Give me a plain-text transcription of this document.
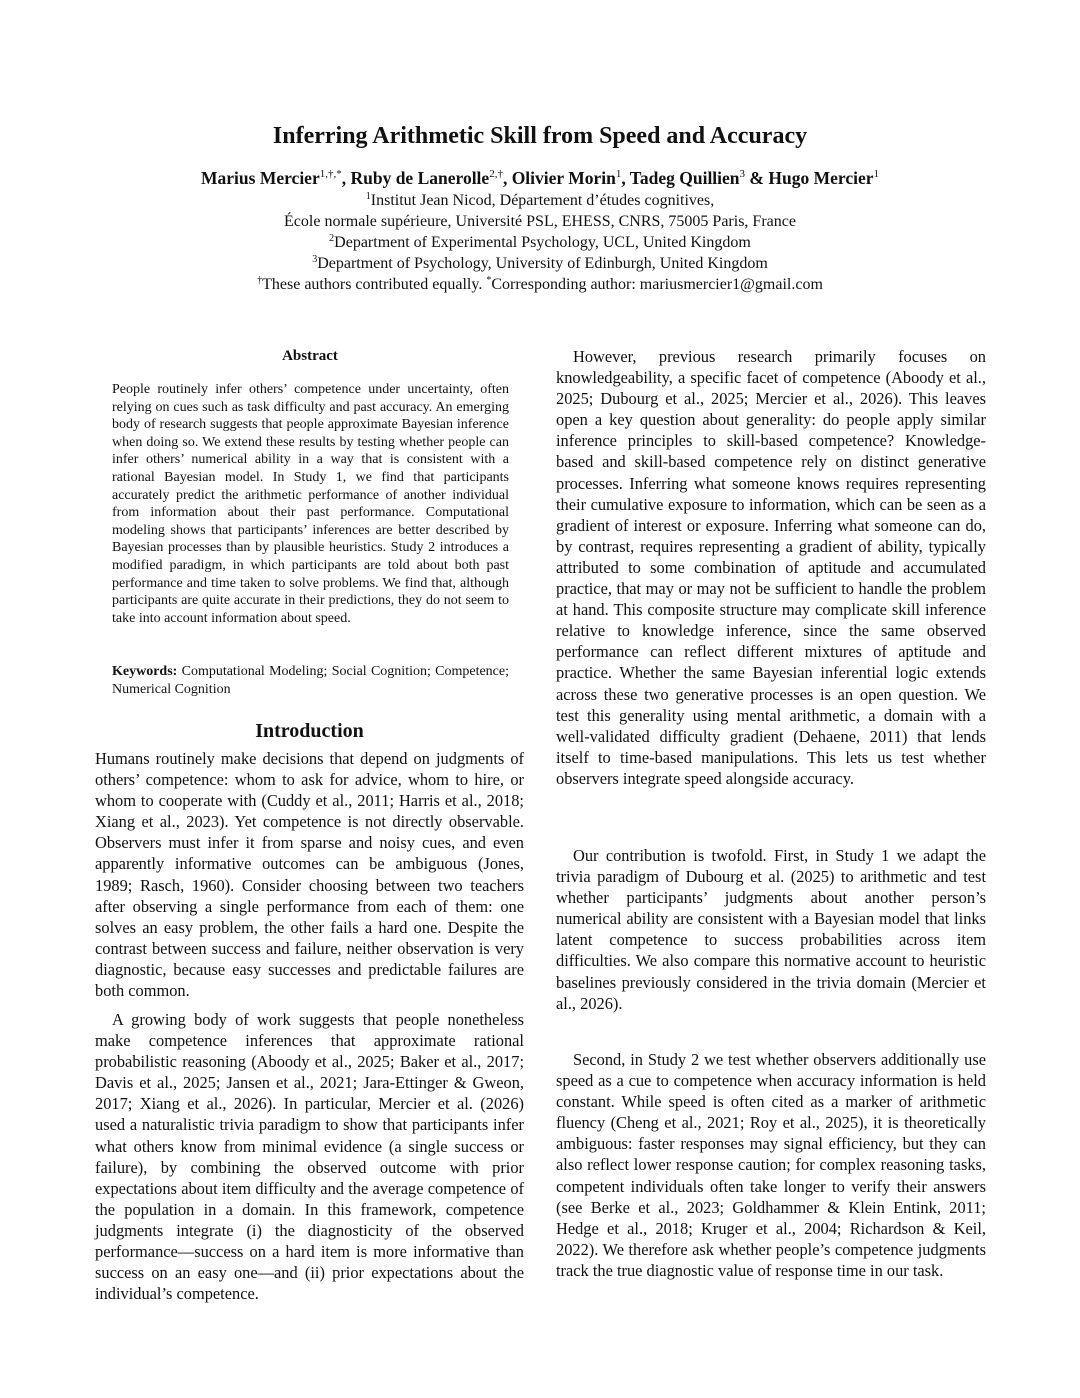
Inferring Arithmetic Skill from Speed and Accuracy
Marius Mercier$^{1,\dagger,*}$, Ruby de Lanerolle$^{2,\dagger}$, Olivier Morin$^1$, Tadeg Quillien$^3$ & Hugo Mercier$^1$
$^1$Institut Jean Nicod, Département d’études cognitives,
École normale supérieure, Université PSL, EHESS, CNRS, 75005 Paris, France
$^2$Department of Experimental Psychology, UCL, United Kingdom
$^3$Department of Psychology, University of Edinburgh, United Kingdom
†These authors contributed equally. *Corresponding author: mariusmercier1@gmail.com
Abstract
People routinely infer others’ competence under uncertainty, often relying on cues such as task difficulty and past accuracy. An emerging body of research suggests that people approximate Bayesian inference when doing so. We extend these results by testing whether people can infer others’ numerical ability in a way that is consistent with a rational Bayesian model. In Study 1, we find that participants accurately predict the arithmetic performance of another individual from information about their past performance. Computational modeling shows that participants’ inferences are better described by Bayesian processes than by plausible heuristics. Study 2 introduces a modified paradigm, in which participants are told about both past performance and time taken to solve problems. We find that, although participants are quite accurate in their predictions, they do not seem to take into account information about speed.
Keywords: Computational Modeling; Social Cognition; Competence; Numerical Cognition
Introduction
Humans routinely make decisions that depend on judgments of others’ competence: whom to ask for advice, whom to hire, or whom to cooperate with (Cuddy et al., 2011; Harris et al., 2018; Xiang et al., 2023). Yet competence is not directly observable. Observers must infer it from sparse and noisy cues, and even apparently informative outcomes can be ambiguous (Jones, 1989; Rasch, 1960). Consider choosing between two teachers after observing a single performance from each of them: one solves an easy problem, the other fails a hard one. Despite the contrast between success and failure, neither observation is very diagnostic, because easy successes and predictable failures are both common.
A growing body of work suggests that people nonetheless make competence inferences that approximate rational probabilistic reasoning (Aboody et al., 2025; Baker et al., 2017; Davis et al., 2025; Jansen et al., 2021; Jara-Ettinger & Gweon, 2017; Xiang et al., 2026). In particular, Mercier et al. (2026) used a naturalistic trivia paradigm to show that participants infer what others know from minimal evidence (a single success or failure), by combining the observed outcome with prior expectations about item difficulty and the average competence of the population in a domain. In this framework, competence judgments integrate (i) the diagnosticity of the observed performance—success on a hard item is more informative than success on an easy one—and (ii) prior expectations about the individual’s competence.
However, previous research primarily focuses on knowledgeability, a specific facet of competence (Aboody et al., 2025; Dubourg et al., 2025; Mercier et al., 2026). This leaves open a key question about generality: do people apply similar inference principles to skill-based competence? Knowledge-based and skill-based competence rely on distinct generative processes. Inferring what someone knows requires representing their cumulative exposure to information, which can be seen as a gradient of interest or exposure. Inferring what someone can do, by contrast, requires representing a gradient of ability, typically attributed to some combination of aptitude and accumulated practice, that may or may not be sufficient to handle the problem at hand. This composite structure may complicate skill inference relative to knowledge inference, since the same observed performance can reflect different mixtures of aptitude and practice. Whether the same Bayesian inferential logic extends across these two generative processes is an open question. We test this generality using mental arithmetic, a domain with a well-validated difficulty gradient (Dehaene, 2011) that lends itself to time-based manipulations. This lets us test whether observers integrate speed alongside accuracy.
Our contribution is twofold. First, in Study 1 we adapt the trivia paradigm of Dubourg et al. (2025) to arithmetic and test whether participants’ judgments about another person’s numerical ability are consistent with a Bayesian model that links latent competence to success probabilities across item difficulties. We also compare this normative account to heuristic baselines previously considered in the trivia domain (Mercier et al., 2026).
Second, in Study 2 we test whether observers additionally use speed as a cue to competence when accuracy information is held constant. While speed is often cited as a marker of arithmetic fluency (Cheng et al., 2021; Roy et al., 2025), it is theoretically ambiguous: faster responses may signal efficiency, but they can also reflect lower response caution; for complex reasoning tasks, competent individuals often take longer to verify their answers (see Berke et al., 2023; Goldhammer & Klein Entink, 2011; Hedge et al., 2018; Kruger et al., 2004; Richardson & Keil, 2022). We therefore ask whether people’s competence judgments track the true diagnostic value of response time in our task.
